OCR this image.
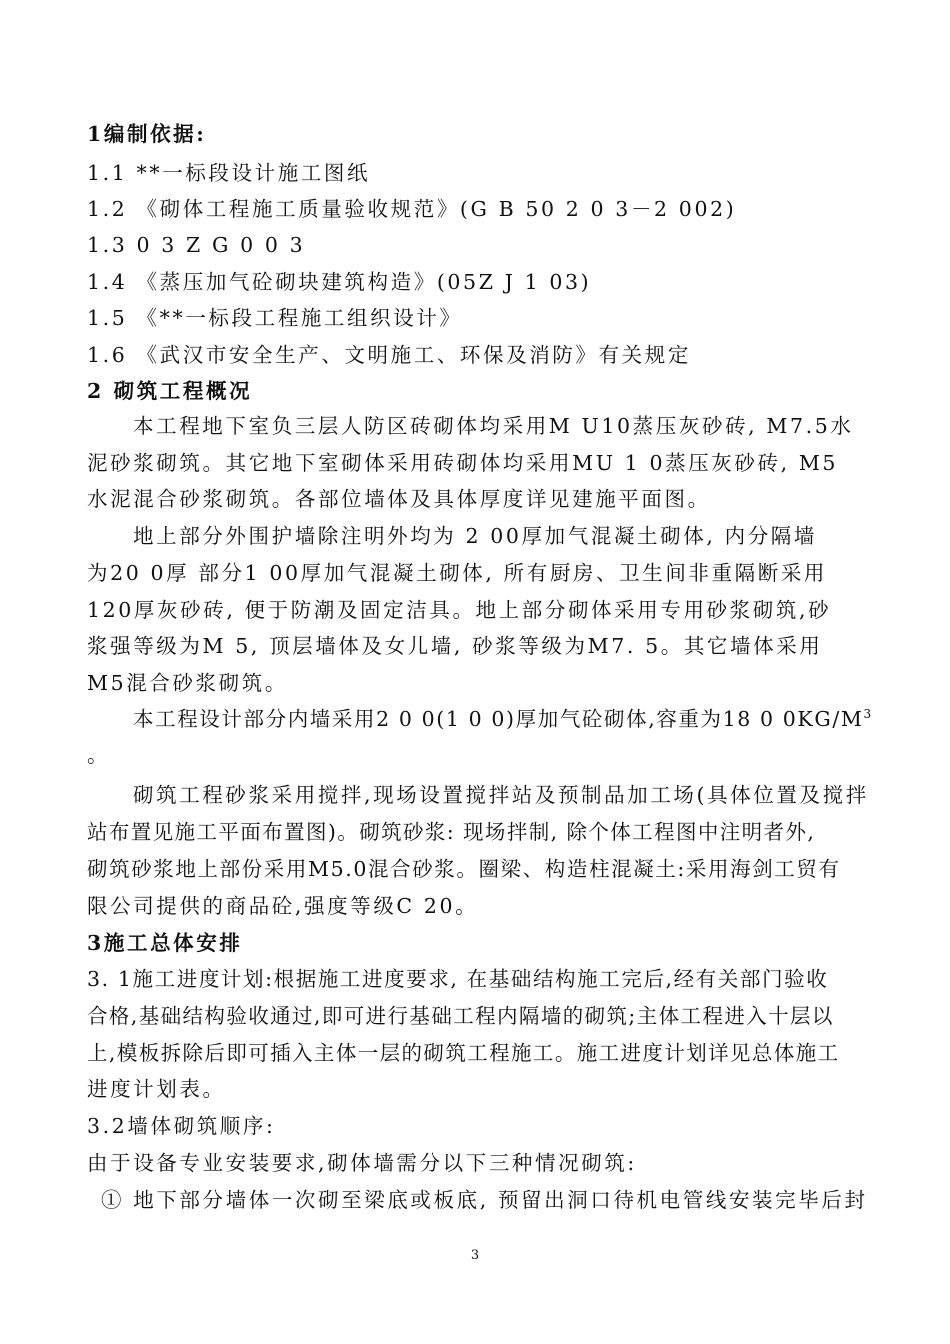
1编制依据:
1.1 **一标段设计施工图纸
1.2 《砌体工程施工质量验收规范》(G B 50 2 0 3－2 002)
1.3 0 3 Z G 0 0 3
1.4 《蒸压加气砼砌块建筑构造》(05Z J 1 03)
1.5 《**一标段工程施工组织设计》
1.6 《武汉市安全生产、文明施工、环保及消防》有关规定
2 砌筑工程概况
本工程地下室负三层人防区砖砌体均采用M U10蒸压灰砂砖, M7.5水
泥砂浆砌筑。其它地下室砌体采用砖砌体均采用MU 1 0蒸压灰砂砖, M5
水泥混合砂浆砌筑。各部位墙体及具体厚度详见建施平面图。
地上部分外围护墙除注明外均为 2 00厚加气混凝土砌体, 内分隔墙
为20 0厚 部分1 00厚加气混凝土砌体, 所有厨房、卫生间非重隔断采用
120厚灰砂砖, 便于防潮及固定洁具。地上部分砌体采用专用砂浆砌筑,砂
浆强等级为M 5, 顶层墙体及女儿墙, 砂浆等级为M7. 5。其它墙体采用
M5混合砂浆砌筑。
本工程设计部分内墙采用2 0 0(1 0 0)厚加气砼砌体,容重为18 0 $0KG/M^3$
。
砌筑工程砂浆采用搅拌,现场设置搅拌站及预制品加工场(具体位置及搅拌
站布置见施工平面布置图)。砌筑砂浆: 现场拌制, 除个体工程图中注明者外,
砌筑砂浆地上部份采用M5.0混合砂浆。圈梁、构造柱混凝土:采用海剑工贸有
限公司提供的商品砼,强度等级C 20。
3施工总体安排
3. 1施工进度计划:根据施工进度要求, 在基础结构施工完后,经有关部门验收
合格,基础结构验收通过,即可进行基础工程内隔墙的砌筑;主体工程进入十层以
上,模板拆除后即可插入主体一层的砌筑工程施工。施工进度计划详见总体施工
进度计划表。
3.2墙体砌筑顺序:
由于设备专业安装要求,砌体墙需分以下三种情况砌筑:
① 地下部分墙体一次砌至梁底或板底, 预留出洞口待机电管线安装完毕后封
3
